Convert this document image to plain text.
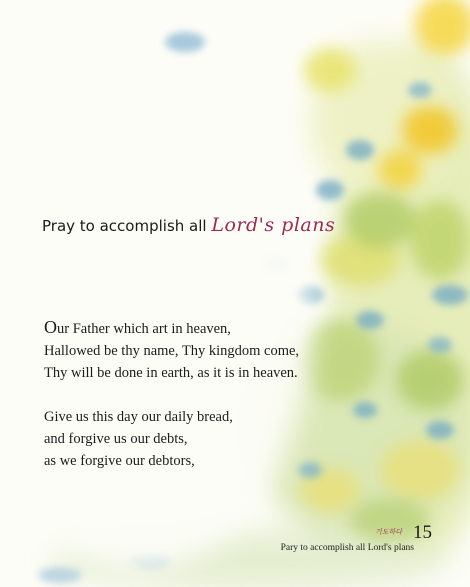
Pray to accomplish all Lord's plans
Our Father which art in heaven,
Hallowed be thy name, Thy kingdom come,
Thy will be done in earth, as it is in heaven.
Give us this day our daily bread,
and forgive us our debts,
as we forgive our debtors,
기도하다
Pary to accomplish all Lord's plans
15
